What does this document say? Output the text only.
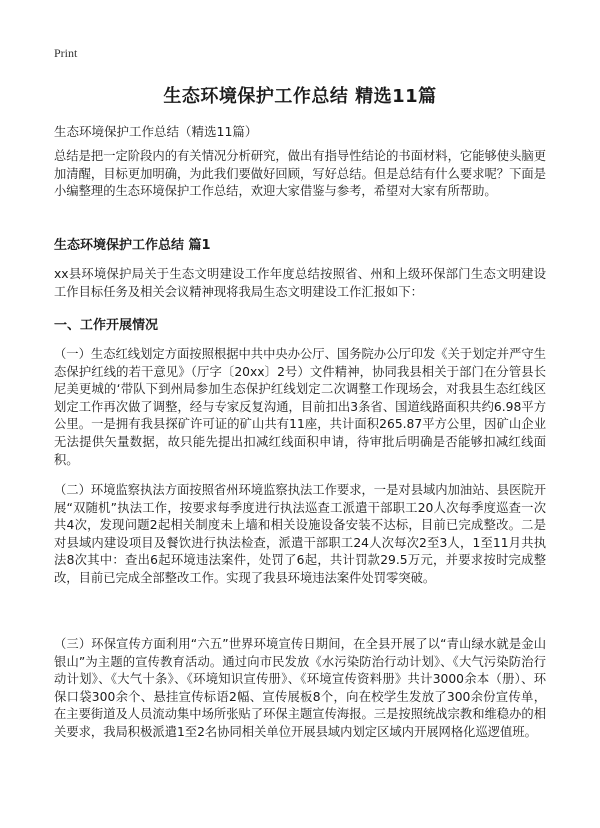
Print
生态环境保护工作总结 精选11篇
生态环境保护工作总结（精选11篇）

总结是把一定阶段内的有关情况分析研究，做出有指导性结论的书面材料，它能够使头脑更加清醒，目标更加明确，为此我们要做好回顾，写好总结。但是总结有什么要求呢？下面是小编整理的生态环境保护工作总结，欢迎大家借鉴与参考，希望对大家有所帮助。

生态环境保护工作总结 篇1

xx县环境保护局关于生态文明建设工作年度总结按照省、州和上级环保部门生态文明建设工作目标任务及相关会议精神现将我局生态文明建设工作汇报如下：

一、工作开展情况

（一）生态红线划定方面按照根据中共中央办公厅、国务院办公厅印发《关于划定并严守生态保护红线的若干意见》（厅字〔20xx〕2号）文件精神，协同我县相关于部门在分管县长尼美更城的‘带队下到州局参加生态保护红线划定二次调整工作现场会，对我县生态红线区划定工作再次做了调整，经与专家反复沟通，目前扣出3条省、国道线路面积共约6.98平方公里。一是拥有我县探矿许可证的矿山共有11座，共计面积265.87平方公里，因矿山企业无法提供矢量数据，故只能先提出扣减红线面积申请，待审批后明确是否能够扣减红线面积。

（二）环境监察执法方面按照省州环境监察执法工作要求，一是对县域内加油站、县医院开展“双随机”执法工作，按要求每季度进行执法巡查工派遣干部职工20人次每季度巡查一次共4次，发现问题2起相关制度未上墙和相关设施设备安装不达标，目前已完成整改。二是对县域内建设项目及餐饮进行执法检查，派遣干部职工24人次每次2至3人，1至11月共执法8次其中：查出6起环境违法案件，处罚了6起，共计罚款29.5万元，并要求按时完成整改，目前已完成全部整改工作。实现了我县环境违法案件处罚零突破。

（三）环保宣传方面利用“六五”世界环境宣传日期间，在全县开展了以“青山绿水就是金山银山”为主题的宣传教育活动。通过向市民发放《水污染防治行动计划》、《大气污染防治行动计划》、《大气十条》、《环境知识宣传册》、《环境宣传资料册》共计3000余本（册）、环保口袋300余个、悬挂宣传标语2幅、宣传展板8个，向在校学生发放了300余份宣传单，在主要街道及人员流动集中场所张贴了环保主题宣传海报。三是按照统战宗教和维稳办的相关要求，我局积极派遣1至2名协同相关单位开展县域内划定区域内开展网格化巡逻值班。
